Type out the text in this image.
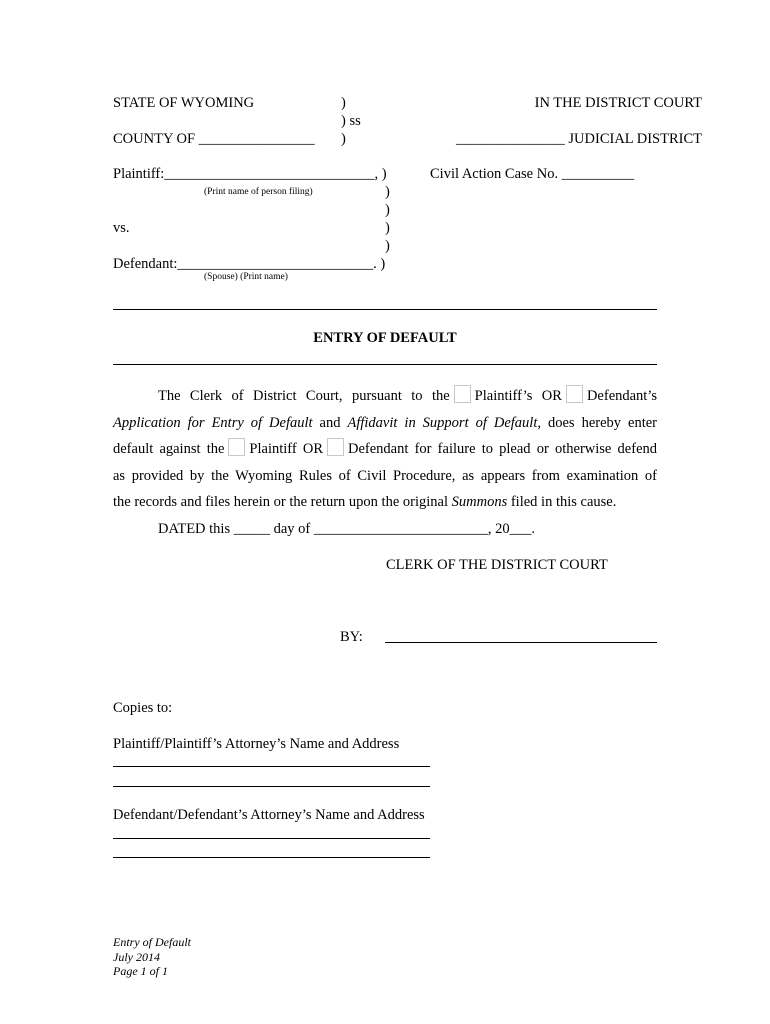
STATE OF WYOMING	)
) ss
IN THE DISTRICT COURT
COUNTY OF ________________ )	_______________ JUDICIAL DISTRICT
Plaintiff:_____________________________, )
(Print name of person filing)
Civil Action Case No. __________
)
)
vs.	)
)
Defendant:___________________________. )
(Spouse) (Print name)
ENTRY OF DEFAULT
The Clerk of District Court, pursuant to the Plaintiff’s OR Defendant’s
Application for Entry of Default and Affidavit in Support of Default, does hereby enter
default against the Plaintiff OR Defendant for failure to plead or otherwise defend
as provided by the Wyoming Rules of Civil Procedure, as appears from examination of
the records and files herein or the return upon the original Summons filed in this cause.
DATED this _____ day of ________________________, 20___.
CLERK OF THE DISTRICT COURT
BY:
Copies to:
Plaintiff/Plaintiff’s Attorney’s Name and Address
Defendant/Defendant’s Attorney’s Name and Address
Entry of Default
July 2014
Page 1 of 1
